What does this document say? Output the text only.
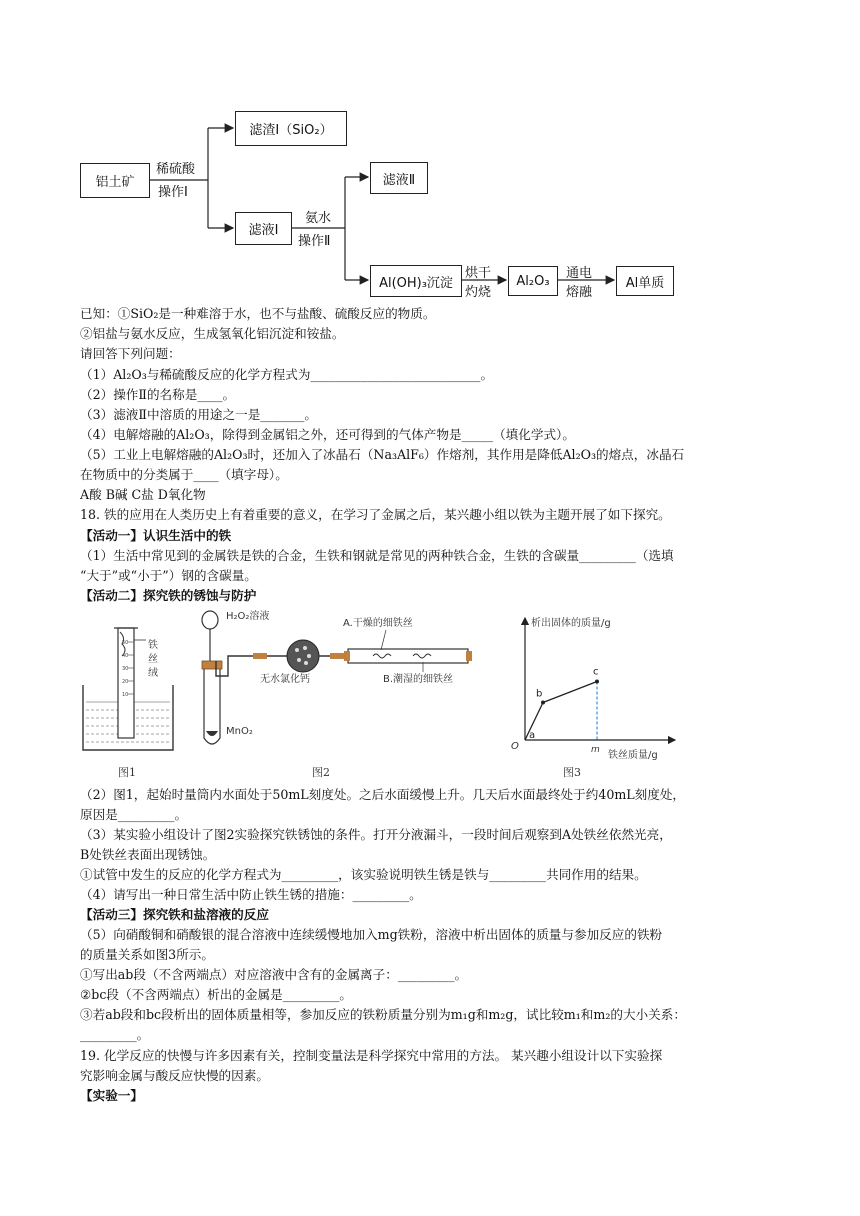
铝土矿
稀硫酸
操作Ⅰ
滤渣Ⅰ（SiO₂）
滤液Ⅰ
氨水
操作Ⅱ
滤液Ⅱ
Al(OH)₃沉淀
烘干
灼烧
Al₂O₃ 通电
熔融
Al单质
已知：①SiO₂是一种难溶于水，也不与盐酸、硫酸反应的物质。
②铝盐与氨水反应，生成氢氧化铝沉淀和铵盐。
请回答下列问题：
（1）Al₂O₃与稀硫酸反应的化学方程式为___________________________。
（2）操作Ⅱ的名称是____。
（3）滤液Ⅱ中溶质的用途之一是_______。
（4）电解熔融的Al₂O₃，除得到金属铝之外，还可得到的气体产物是_____（填化学式）。
（5）工业上电解熔融的Al₂O₃时，还加入了冰晶石（Na₃AlF₆）作熔剂，其作用是降低Al₂O₃的熔点，冰晶石
在物质中的分类属于____（填字母）。
A酸 B碱 C盐 D氧化物
18. 铁的应用在人类历史上有着重要的意义，在学习了金属之后，某兴趣小组以铁为主题开展了如下探究。
【活动一】认识生活中的铁
（1）生活中常见到的金属铁是铁的合金，生铁和钢就是常见的两种铁合金，生铁的含碳量_________（选填
“大于”或“小于”）钢的含碳量。
【活动二】探究铁的锈蚀与防护
50
40
30
20
10
铁
丝
绒
图1
H₂O₂溶液
MnO₂
无水氯化钙
A.干燥的细铁丝
B.潮湿的细铁丝
图2
析出固体的质量/g
铁丝质量/g
O	m
a
b
c
图3
（2）图1，起始时量筒内水面处于50mL刻度处。之后水面缓慢上升。几天后水面最终处于约40mL刻度处，
原因是_________。
（3）某实验小组设计了图2实验探究铁锈蚀的条件。打开分液漏斗，一段时间后观察到A处铁丝依然光亮，
B处铁丝表面出现锈蚀。
①试管中发生的反应的化学方程式为_________，该实验说明铁生锈是铁与_________共同作用的结果。
（4）请写出一种日常生活中防止铁生锈的措施：_________。
【活动三】探究铁和盐溶液的反应
（5）向硝酸铜和硝酸银的混合溶液中连续缓慢地加入mg铁粉，溶液中析出固体的质量与参加反应的铁粉
的质量关系如图3所示。
①写出ab段（不含两端点）对应溶液中含有的金属离子：_________。
②bc段（不含两端点）析出的金属是_________。
③若ab段和bc段析出的固体质量相等，参加反应的铁粉质量分别为m₁g和m₂g，试比较m₁和m₂的大小关系：
_________。
19. 化学反应的快慢与许多因素有关，控制变量法是科学探究中常用的方法。 某兴趣小组设计以下实验探
究影响金属与酸反应快慢的因素。
【实验一】
